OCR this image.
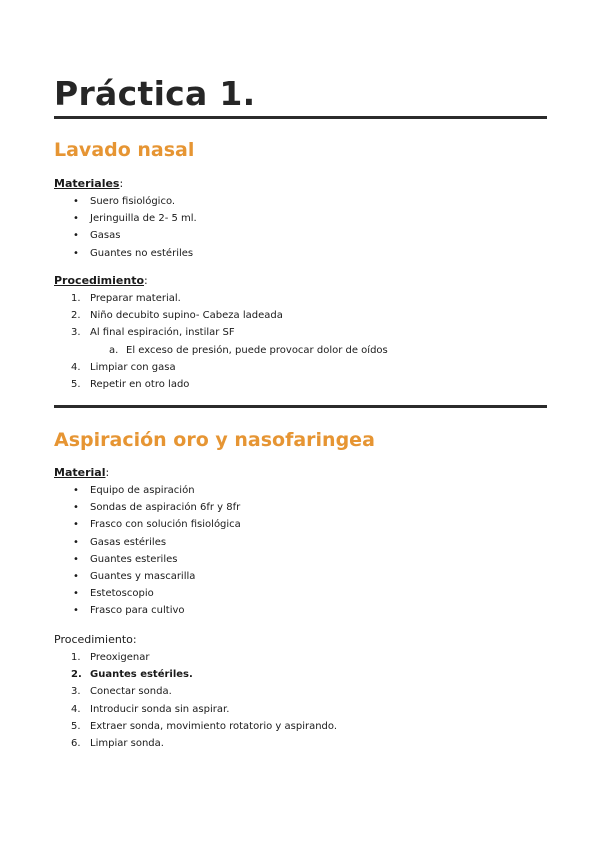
Práctica 1.
Lavado nasal

Materiales:

• Suero fisiológico.
• Jeringuilla de 2- 5 ml.
• Gasas
• Guantes no estériles

Procedimiento:

1. Preparar material.
2. Niño decubito supino- Cabeza ladeada
3. Al final espiración, instilar SF
a. El exceso de presión, puede provocar dolor de oídos
4. Limpiar con gasa
5. Repetir en otro lado
Aspiración oro y nasofaringea

Material:

• Equipo de aspiración
• Sondas de aspiración 6fr y 8fr
• Frasco con solución fisiológica
• Gasas estériles
• Guantes esteriles
• Guantes y mascarilla
• Estetoscopio
• Frasco para cultivo

Procedimiento:

1. Preoxigenar
2. Guantes estériles.
3. Conectar sonda.
4. Introducir sonda sin aspirar.
5. Extraer sonda, movimiento rotatorio y aspirando.
6. Limpiar sonda.
